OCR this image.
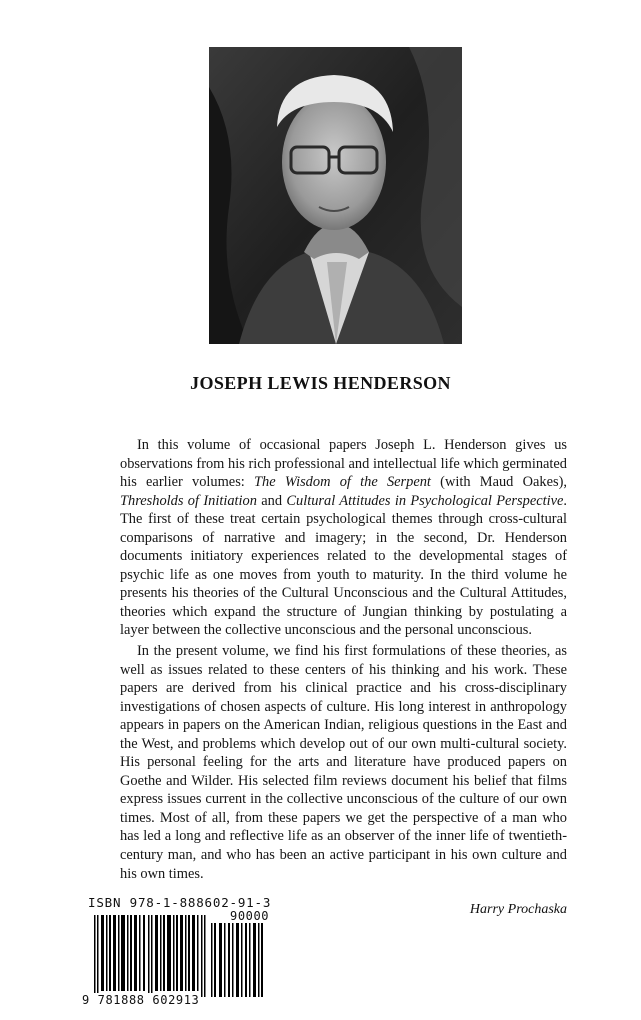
JOSEPH LEWIS HENDERSON

In this volume of occasional papers Joseph L. Henderson gives us observations from his rich professional and intellectual life which germinated his earlier volumes: The Wisdom of the Serpent (with Maud Oakes), Thresholds of Initiation and Cultural Attitudes in Psychological Perspective. The first of these treat certain psychological themes through cross-cultural comparisons of narrative and imagery; in the second, Dr. Henderson documents initiatory experiences related to the developmental stages of psychic life as one moves from youth to maturity. In the third volume he presents his theories of the Cultural Unconscious and the Cultural Attitudes, theories which expand the structure of Jungian thinking by postulating a layer between the collective unconscious and the personal unconscious.

In the present volume, we find his first formulations of these theories, as well as issues related to these centers of his thinking and his work. These papers are derived from his clinical practice and his cross-disciplinary investigations of chosen aspects of culture. His long interest in anthropology appears in papers on the American Indian, religious questions in the East and the West, and problems which develop out of our own multi-cultural society. His personal feeling for the arts and literature have produced papers on Goethe and Wilder. His selected film reviews document his belief that films express issues current in the collective unconscious of the culture of our own times. Most of all, from these papers we get the perspective of a man who has led a long and reflective life as an observer of the inner life of twentieth-century man, and who has been an active participant in his own culture and his own times.

Harry Prochaska
ISBN 978-1-888602-91-3
90000
9 781888 602913
